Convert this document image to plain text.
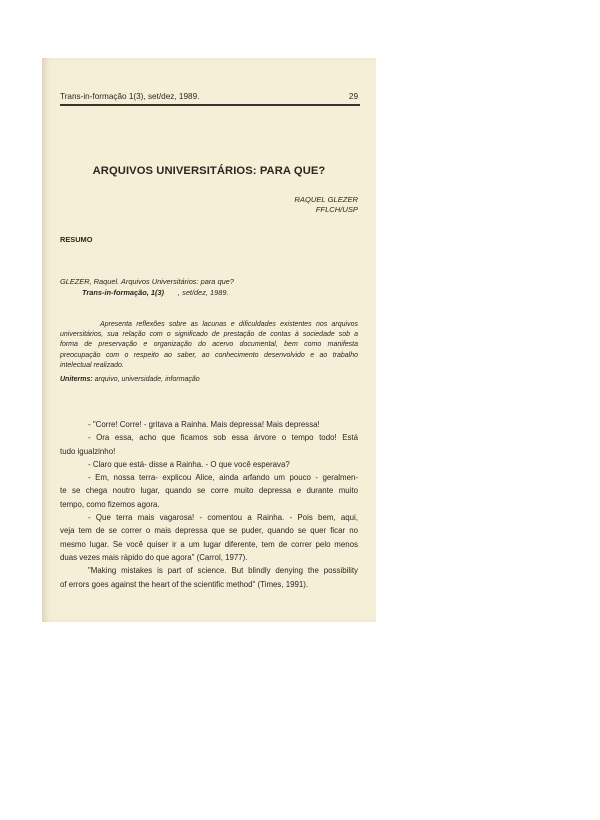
Trans-in-formação 1(3), set/dez, 1989.	29
ARQUIVOS UNIVERSITÁRIOS: PARA QUE?
RAQUEL GLEZER
FFLCH/USP
RESUMO
GLEZER, Raquel. Arquivos Universitários: para que?
Trans-in-formação, 1(3) , set/dez, 1989.
Apresenta reflexões sobre as lacunas e dificuldades existentes nos arquivos
universitários, sua relação com o significado de prestação de contas à sociedade sob a
forma de preservação e organização do acervo documental, bem como manifesta
preocupação com o respeito ao saber, ao conhecimento desenvolvido e ao trabalho
intelectual realizado.
Uniterms: arquivo, universidade, informação
- "Corre! Corre! - gritava a Rainha. Mais depressa! Mais depressa!
- Ora essa, acho que ficamos sob essa árvore o tempo todo! Está
tudo igualzinho!
- Claro que está- disse a Rainha. - O que você esperava?
- Em, nossa terra- explicou Alice, ainda arfando um pouco - geralmen-
te se chega noutro lugar, quando se corre muito depressa e durante muito
tempo, como fizemos agora.
- Que terra mais vagarosa! - comentou a Rainha. - Pois bem, aqui,
veja tem de se correr o mais depressa que se puder, quando se quer ficar no
mesmo lugar. Se você quiser ir a um lugar diferente, tem de correr pelo menos
duas vezes mais rápido do que agora" (Carrol, 1977).
"Making mistakes is part of science. But blindly denying the possibility
of errors goes against the heart of the scientific method" (Times, 1991).
